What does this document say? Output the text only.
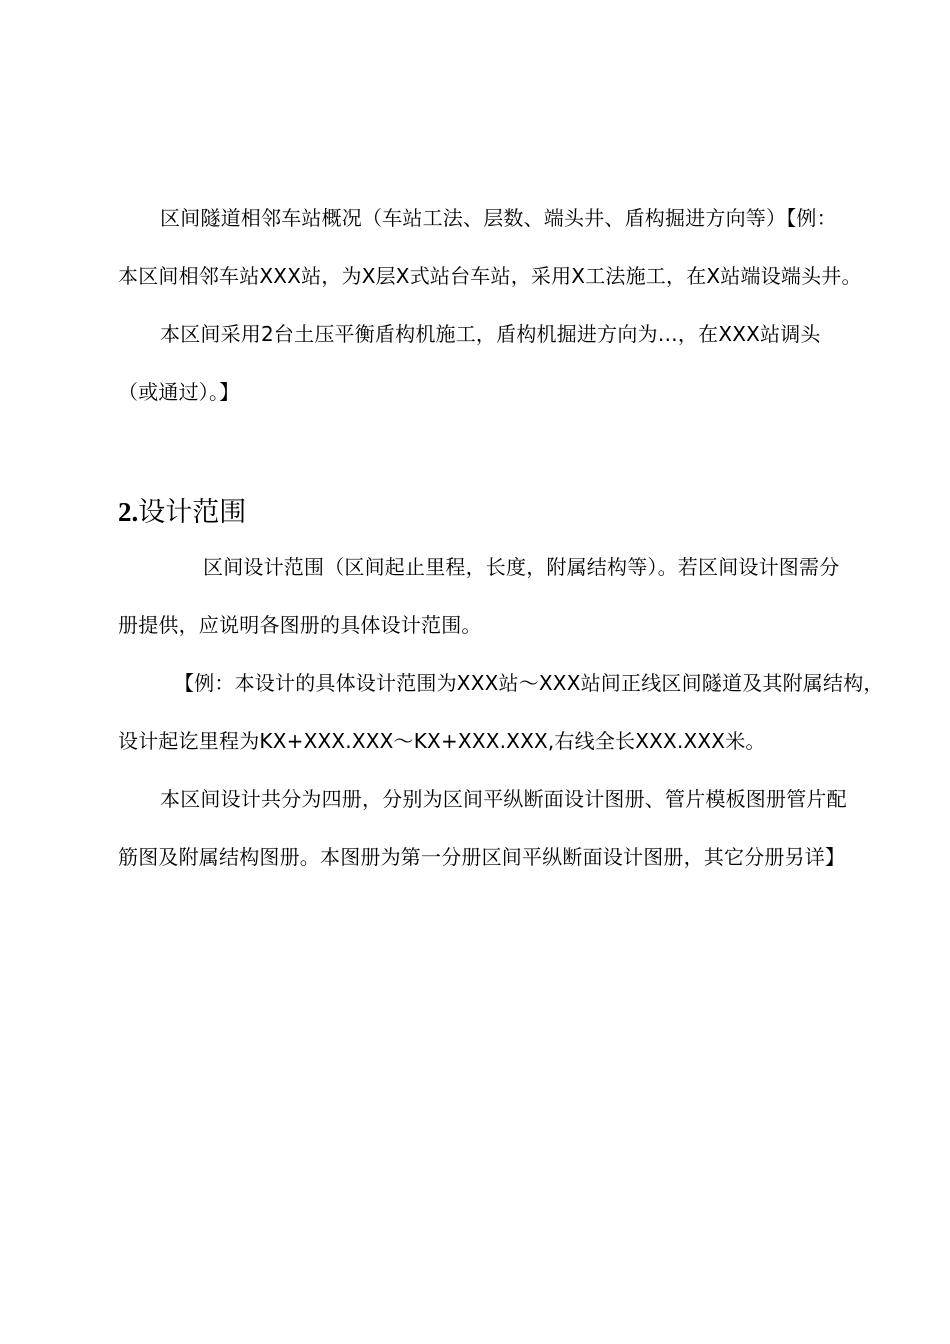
区间隧道相邻车站概况（车站工法、层数、端头井、盾构掘进方向等）【例：
本区间相邻车站XXX站，为X层X式站台车站，采用X工法施工，在X站端设端头井。
本区间采用2台土压平衡盾构机施工，盾构机掘进方向为…，在XXX站调头
（或通过）。】
2.设计范围
区间设计范围（区间起止里程，长度，附属结构等）。若区间设计图需分
册提供，应说明各图册的具体设计范围。
【例：本设计的具体设计范围为XXX站〜XXX站间正线区间隧道及其附属结构，
设计起讫里程为KX+XXX.XXX〜KX+XXX.XXX,右线全长XXX.XXX米。
本区间设计共分为四册，分别为区间平纵断面设计图册、管片模板图册管片配
筋图及附属结构图册。本图册为第一分册区间平纵断面设计图册，其它分册另详】
